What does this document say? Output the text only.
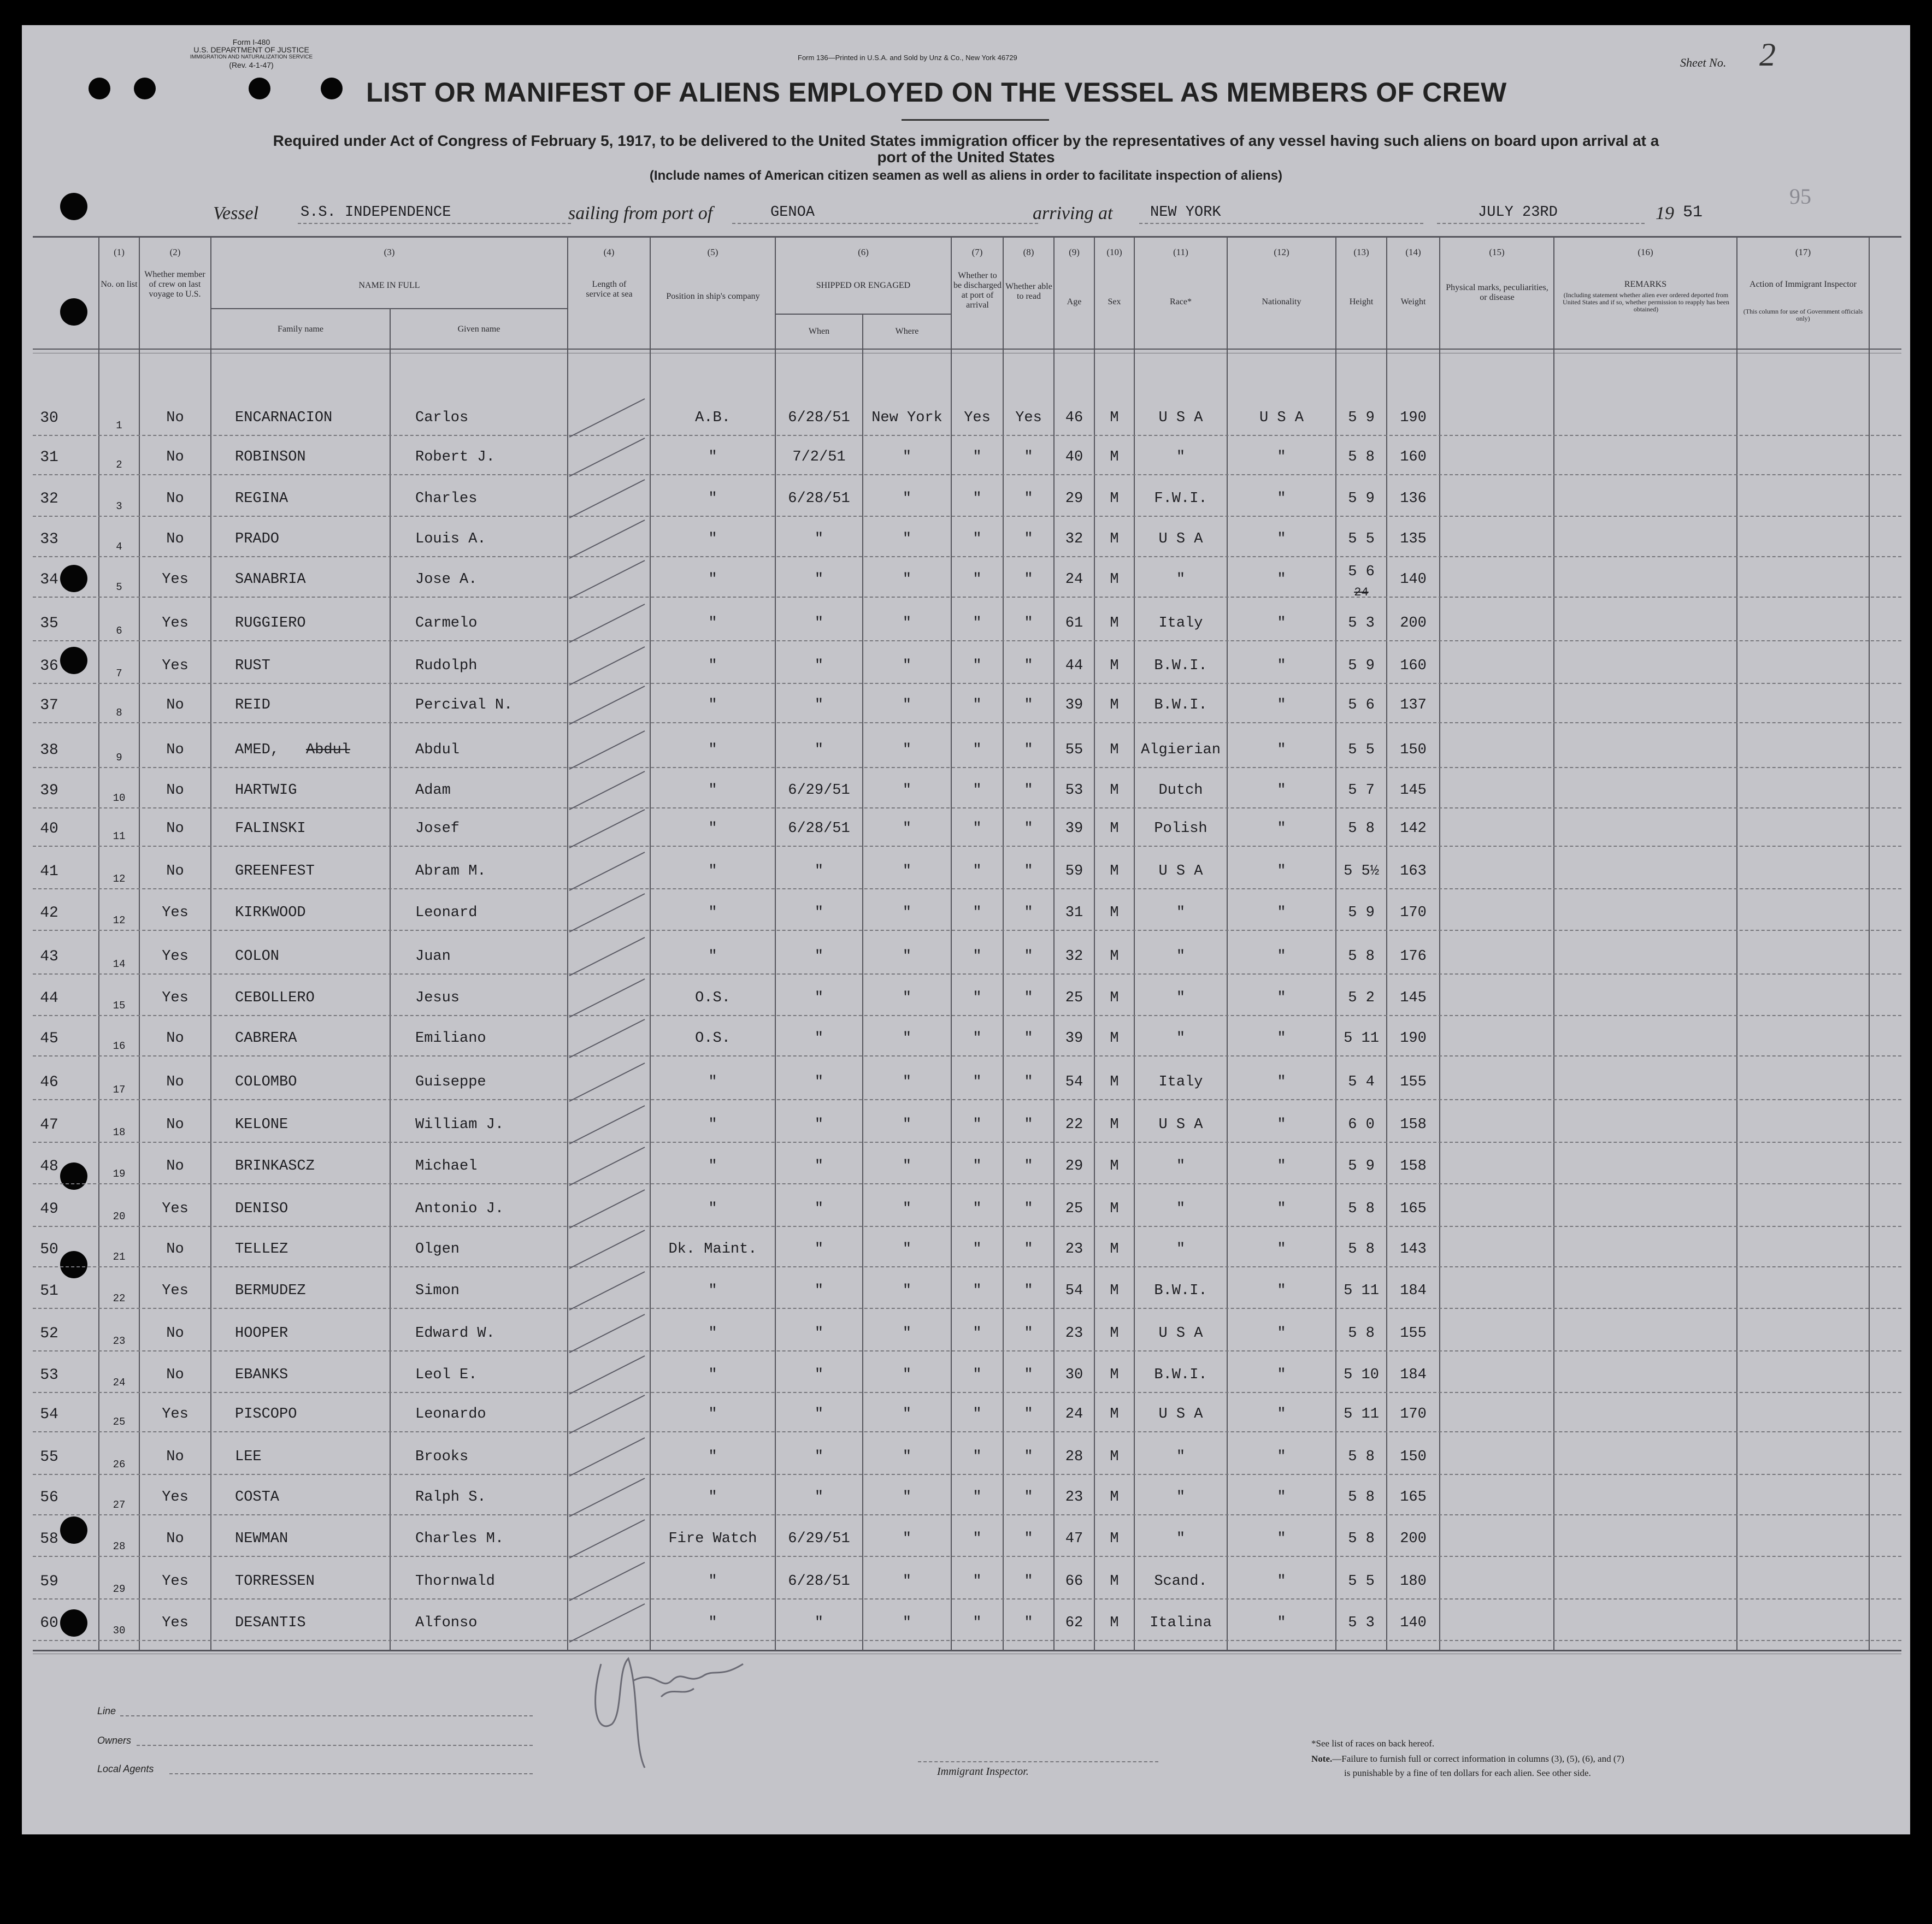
Form I-480
U.S. DEPARTMENT OF JUSTICE
IMMIGRATION AND NATURALIZATION SERVICE
(Rev. 4-1-47)
Form 136—Printed in U.S.A. and Sold by Unz & Co., New York 46729	Sheet No. 2
95
LIST OR MANIFEST OF ALIENS EMPLOYED ON THE VESSEL AS MEMBERS OF CREW
Required under Act of Congress of February 5, 1917, to be delivered to the United States immigration officer by the representatives of any vessel having such aliens on board upon arrival at a
port of the United States
(Include names of American citizen seamen as well as aliens in order to facilitate inspection of aliens)
Vessel	S.S. INDEPENDENCE	sailing from port of	GENOA	arriving at	NEW YORK	JULY 23RD	19 51
(1)
No. on list
(2)
Whether member of crew on last voyage to U.S.
(3)
NAME IN FULL
Family name	Given name
(4)
Length of service at sea
(5)
Position in ship's company
(6)
SHIPPED OR ENGAGED
When	Where
(7)
Whether to be discharged at port of arrival
(8)
Whether able to read
(9)
Age
(10)
Sex
(11)
Race*
(12)
Nationality
(13)
Height
(14)
Weight
(15)
Physical marks, peculiarities, or disease
(16)
REMARKS
(Including statement whether alien ever ordered deported from United States and if so, whether permission to reapply has been obtained)
(17)
Action of Immigrant Inspector
(This column for use of Government officials only)
1
30	No	ENCARNACION	Carlos	A.B.	6/28/51	New York	Yes	Yes	46	M	U S A	U S A	5 9	190
2
31	No	ROBINSON	Robert J.	"	7/2/51	"	"	"	40	M	"	"	5 8	160
3
32	No	REGINA	Charles	"	6/28/51	"	"	"	29	M	F.W.I.	"	5 9	136
4
33	No	PRADO	Louis A.	"	"	"	"	"	32	M	U S A	"	5 5	135
5
34	Yes	SANABRIA	Jose A.	"	"	"	"	"	24	M	"	"	5 6	140
24
6
35	Yes	RUGGIERO	Carmelo	"	"	"	"	"	61	M	Italy	"	5 3	200
7
36	Yes	RUST	Rudolph	"	"	"	"	"	44	M	B.W.I.	"	5 9	160
8
37	No	REID	Percival N.	"	"	"	"	"	39	M	B.W.I.	"	5 6	137
9
38	No	AMED,	Abdul	"	"	"	"	"	55	M	Algierian	"	5 5	150
Abdul
10
39	No	HARTWIG	Adam	"	6/29/51	"	"	"	53	M	Dutch	"	5 7	145
11
40	No	FALINSKI	Josef	"	6/28/51	"	"	"	39	M	Polish	"	5 8	142
12
41	No	GREENFEST	Abram M.	"	"	"	"	"	59	M	U S A	"	5 5½	163
12
42	Yes	KIRKWOOD	Leonard	"	"	"	"	"	31	M	"	"	5 9	170
14
43	Yes	COLON	Juan	"	"	"	"	"	32	M	"	"	5 8	176
15
44	Yes	CEBOLLERO	Jesus	O.S.	"	"	"	"	25	M	"	"	5 2	145
16
45	No	CABRERA	Emiliano	O.S.	"	"	"	"	39	M	"	"	5 11	190
17
46	No	COLOMBO	Guiseppe	"	"	"	"	"	54	M	Italy	"	5 4	155
18
47	No	KELONE	William J.	"	"	"	"	"	22	M	U S A	"	6 0	158
19
48	No	BRINKASCZ	Michael	"	"	"	"	"	29	M	"	"	5 9	158
20
49	Yes	DENISO	Antonio J.	"	"	"	"	"	25	M	"	"	5 8	165
21
50	No	TELLEZ	Olgen	Dk. Maint.	"	"	"	"	23	M	"	"	5 8	143
22
51	Yes	BERMUDEZ	Simon	"	"	"	"	"	54	M	B.W.I.	"	5 11	184
23
52	No	HOOPER	Edward W.	"	"	"	"	"	23	M	U S A	"	5 8	155
24
53	No	EBANKS	Leol E.	"	"	"	"	"	30	M	B.W.I.	"	5 10	184
25
54	Yes	PISCOPO	Leonardo	"	"	"	"	"	24	M	U S A	"	5 11	170
26
55	No	LEE	Brooks	"	"	"	"	"	28	M	"	"	5 8	150
27
56	Yes	COSTA	Ralph S.	"	"	"	"	"	23	M	"	"	5 8	165
28
58	No	NEWMAN	Charles M.	Fire Watch	6/29/51	"	"	"	47	M	"	"	5 8	200
29
59	Yes	TORRESSEN	Thornwald	"	6/28/51	"	"	"	66	M	Scand.	"	5 5	180
30
60	Yes	DESANTIS	Alfonso	"	"	"	"	"	62	M	Italina	"	5 3	140
Line
Owners
Local Agents	Immigrant Inspector.
*See list of races on back hereof.
Note.—Failure to furnish full or correct information in columns (3), (5), (6), and (7)
is punishable by a fine of ten dollars for each alien. See other side.
